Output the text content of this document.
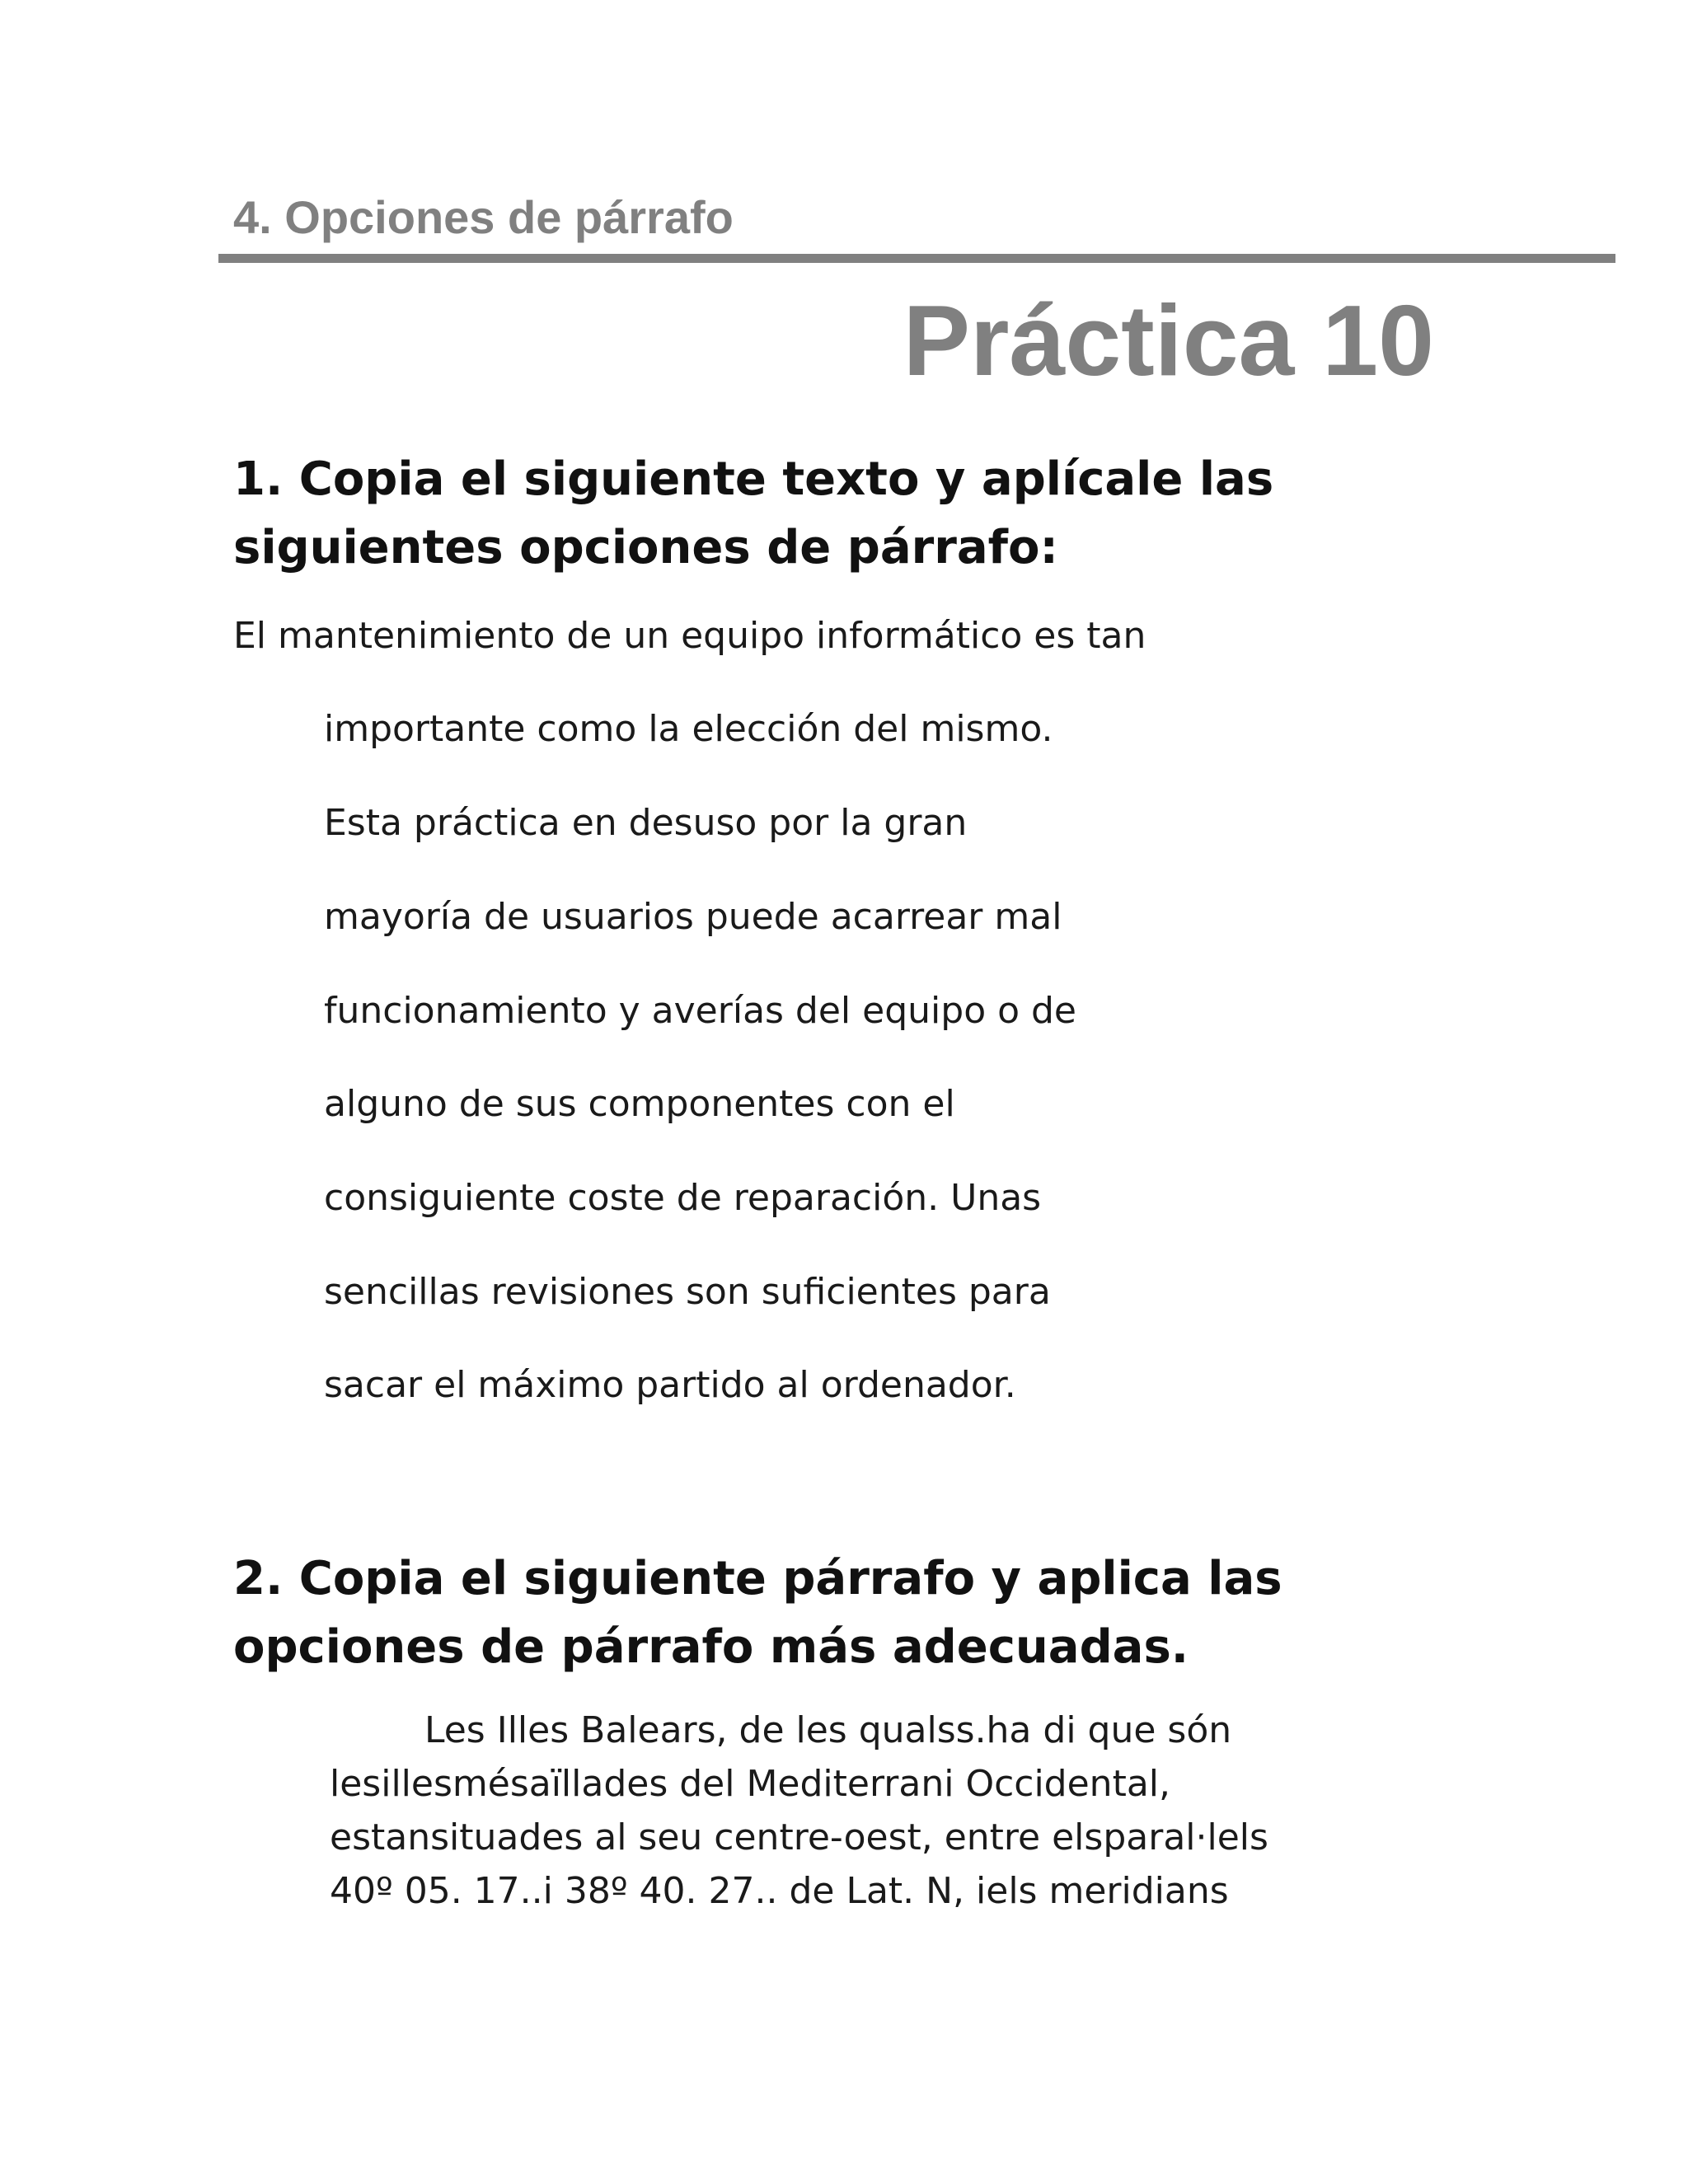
4. Opciones de párrafo
Práctica 10
1. Copia el siguiente texto y aplícale las
siguientes opciones de párrafo:
El mantenimiento de un equipo informático es tan
importante como la elección del mismo.
Esta práctica en desuso por la gran
mayoría de usuarios puede acarrear mal
funcionamiento y averías del equipo o de
alguno de sus componentes con el
consiguiente coste de reparación. Unas
sencillas revisiones son suficientes para
sacar el máximo partido al ordenador.
2. Copia el siguiente párrafo y aplica las
opciones de párrafo más adecuadas.
Les Illes Balears, de les qualss.ha di que són
lesillesmésaïllades del Mediterrani Occidental,
estansituades al seu centre-oest, entre elsparal·lels
40º 05. 17..i 38º 40. 27.. de Lat. N, iels meridians
